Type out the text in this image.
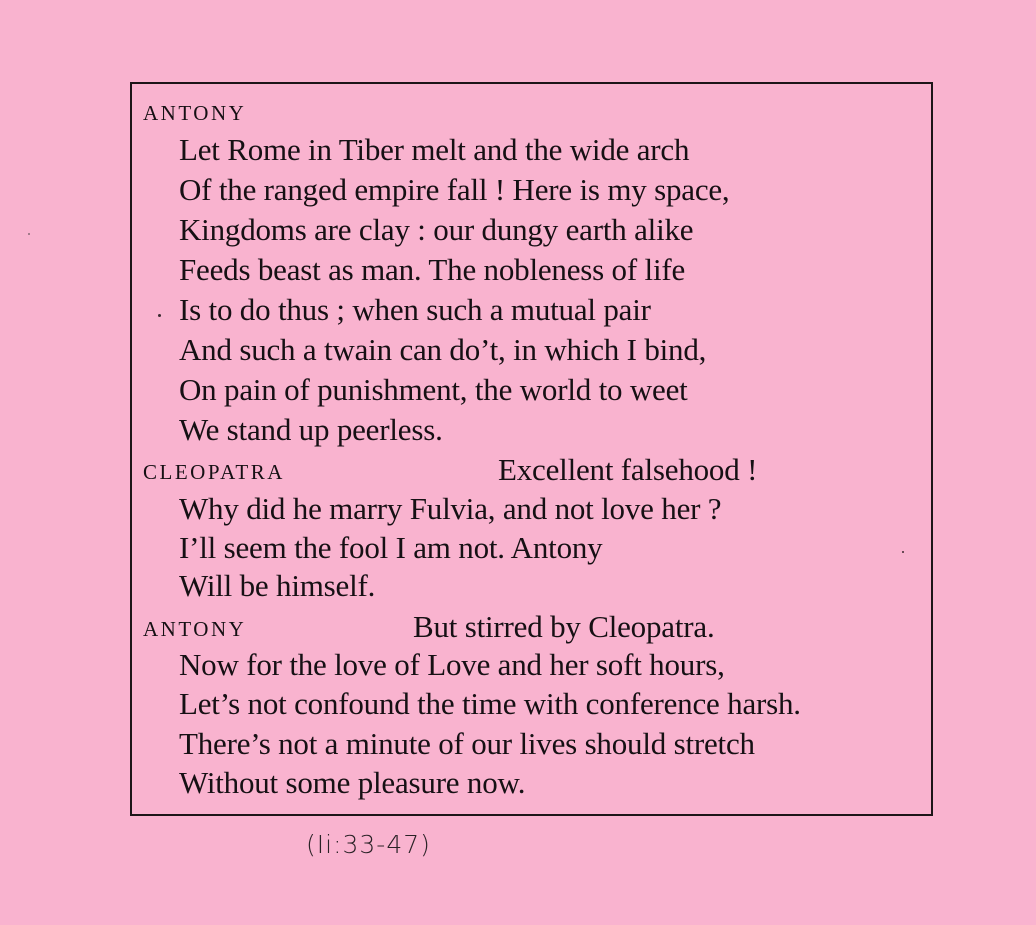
ANTONY
Let Rome in Tiber melt and the wide arch
Of the ranged empire fall ! Here is my space,
Kingdoms are clay : our dungy earth alike
Feeds beast as man. The nobleness of life
Is to do thus ; when such a mutual pair
And such a twain can do’t, in which I bind,
On pain of punishment, the world to weet
We stand up peerless.
CLEOPATRA	Excellent falsehood !
Why did he marry Fulvia, and not love her ?
I’ll seem the fool I am not. Antony
Will be himself.
ANTONY	But stirred by Cleopatra.
Now for the love of Love and her soft hours,
Let’s not confound the time with conference harsh.
There’s not a minute of our lives should stretch
Without some pleasure now.
(Ii:33-47)
